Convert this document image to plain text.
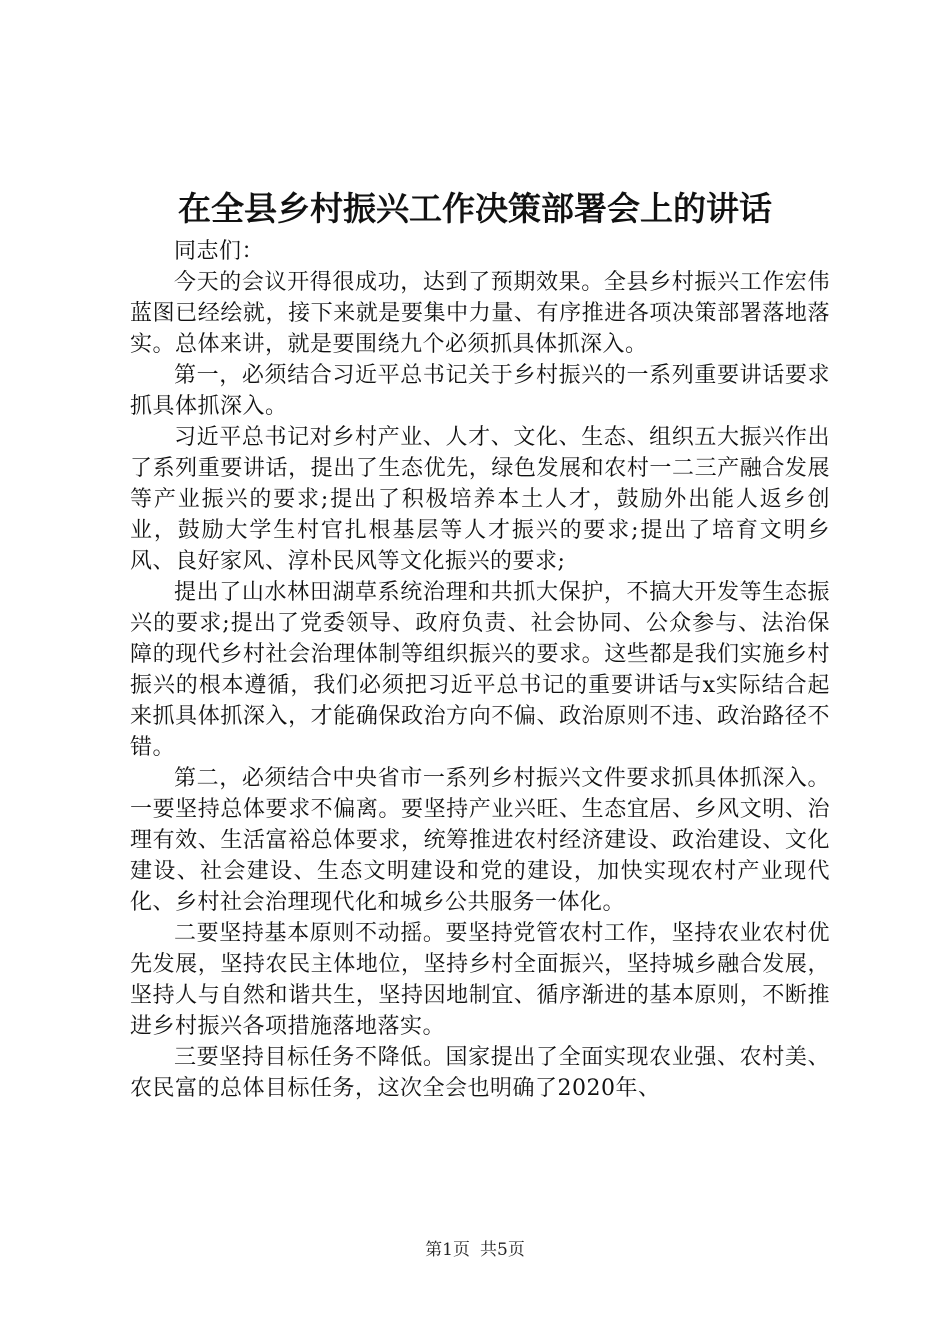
在全县乡村振兴工作决策部署会上的讲话

同志们：

今天的会议开得很成功，达到了预期效果。全县乡村振兴工作宏伟蓝图已经绘就，接下来就是要集中力量、有序推进各项决策部署落地落实。总体来讲，就是要围绕九个必须抓具体抓深入。

第一，必须结合习近平总书记关于乡村振兴的一系列重要讲话要求抓具体抓深入。

习近平总书记对乡村产业、人才、文化、生态、组织五大振兴作出了系列重要讲话，提出了生态优先，绿色发展和农村一二三产融合发展等产业振兴的要求;提出了积极培养本土人才，鼓励外出能人返乡创业，鼓励大学生村官扎根基层等人才振兴的要求;提出了培育文明乡风、良好家风、淳朴民风等文化振兴的要求;

提出了山水林田湖草系统治理和共抓大保护，不搞大开发等生态振兴的要求;提出了党委领导、政府负责、社会协同、公众参与、法治保障的现代乡村社会治理体制等组织振兴的要求。这些都是我们实施乡村振兴的根本遵循，我们必须把习近平总书记的重要讲话与x实际结合起来抓具体抓深入，才能确保政治方向不偏、政治原则不违、政治路径不错。

第二，必须结合中央省市一系列乡村振兴文件要求抓具体抓深入。一要坚持总体要求不偏离。要坚持产业兴旺、生态宜居、乡风文明、治理有效、生活富裕总体要求，统筹推进农村经济建设、政治建设、文化建设、社会建设、生态文明建设和党的建设，加快实现农村产业现代化、乡村社会治理现代化和城乡公共服务一体化。

二要坚持基本原则不动摇。要坚持党管农村工作，坚持农业农村优先发展，坚持农民主体地位，坚持乡村全面振兴，坚持城乡融合发展，坚持人与自然和谐共生，坚持因地制宜、循序渐进的基本原则，不断推进乡村振兴各项措施落地落实。

三要坚持目标任务不降低。国家提出了全面实现农业强、农村美、农民富的总体目标任务，这次全会也明确了2020年、

第1页 共5页
